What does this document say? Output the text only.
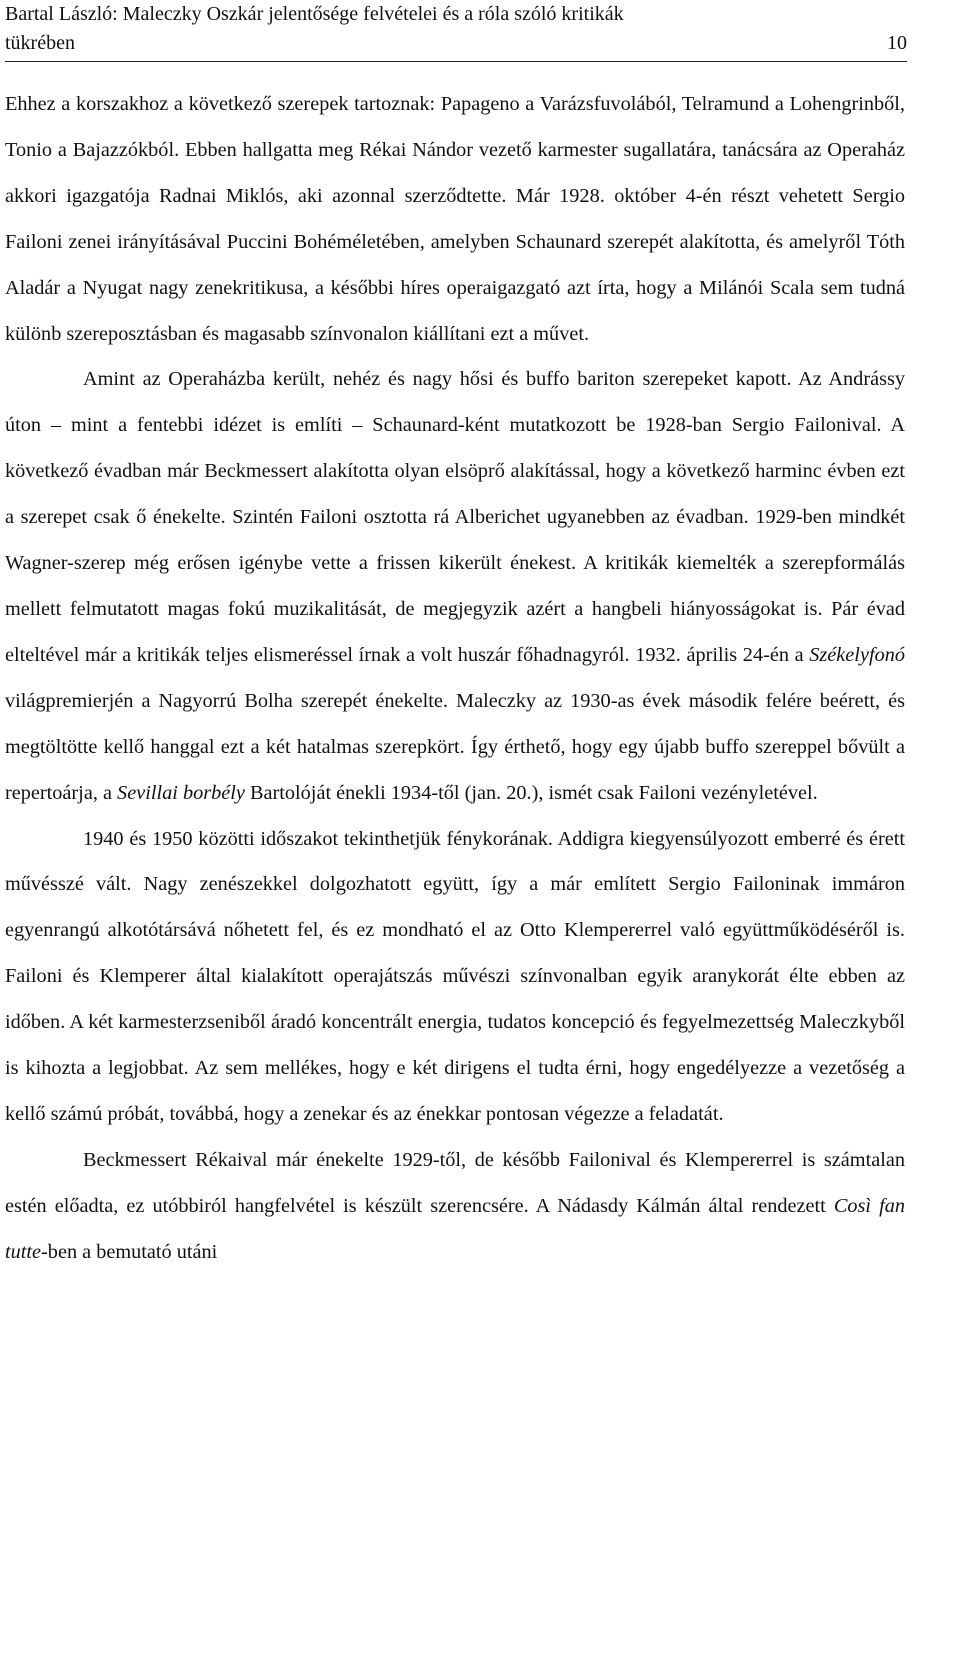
Bartal László: Maleczky Oszkár jelentősége felvételei és a róla szóló kritikák
tükrében	10

Ehhez a korszakhoz a következő szerepek tartoznak: Papageno a Varázsfuvolából, Telramund a Lohengrinből, Tonio a Bajazzókból. Ebben hallgatta meg Rékai Nándor vezető karmester sugallatára, tanácsára az Operaház akkori igazgatója Radnai Miklós, aki azonnal szerződtette. Már 1928. október 4-én részt vehetett Sergio Failoni zenei irányításával Puccini Bohéméletében, amelyben Schaunard szerepét alakította, és amelyről Tóth Aladár a Nyugat nagy zenekritikusa, a későbbi híres operaigazgató azt írta, hogy a Milánói Scala sem tudná különb szereposztásban és magasabb színvonalon kiállítani ezt a művet.

Amint az Operaházba került, nehéz és nagy hősi és buffo bariton szerepeket kapott. Az Andrássy úton – mint a fentebbi idézet is említi – Schaunard-ként mutatkozott be 1928-ban Sergio Failonival. A következő évadban már Beckmessert alakította olyan elsöprő alakítással, hogy a következő harminc évben ezt a szerepet csak ő énekelte. Szintén Failoni osztotta rá Alberichet ugyanebben az évadban. 1929-ben mindkét Wagner-szerep még erősen igénybe vette a frissen kikerült énekest. A kritikák kiemelték a szerepformálás mellett felmutatott magas fokú muzikalitását, de megjegyzik azért a hangbeli hiányosságokat is. Pár évad elteltével már a kritikák teljes elismeréssel írnak a volt huszár főhadnagyról. 1932. április 24-én a Székelyfonó világpremierjén a Nagyorrú Bolha szerepét énekelte. Maleczky az 1930-as évek második felére beérett, és megtöltötte kellő hanggal ezt a két hatalmas szerepkört. Így érthető, hogy egy újabb buffo szereppel bővült a repertoárja, a Sevillai borbély Bartolóját énekli 1934-től (jan. 20.), ismét csak Failoni vezényletével.

1940 és 1950 közötti időszakot tekinthetjük fénykorának. Addigra kiegyensúlyozott emberré és érett művésszé vált. Nagy zenészekkel dolgozhatott együtt, így a már említett Sergio Failoninak immáron egyenrangú alkotótársává nőhetett fel, és ez mondható el az Otto Klempererrel való együttműködéséről is. Failoni és Klemperer által kialakított operajátszás művészi színvonalban egyik aranykorát élte ebben az időben. A két karmesterzseniből áradó koncentrált energia, tudatos koncepció és fegyelmezettség Maleczkyből is kihozta a legjobbat. Az sem mellékes, hogy e két dirigens el tudta érni, hogy engedélyezze a vezetőség a kellő számú próbát, továbbá, hogy a zenekar és az énekkar pontosan végezze a feladatát.

Beckmessert Rékaival már énekelte 1929-től, de később Failonival és Klempererrel is számtalan estén előadta, ez utóbbiról hangfelvétel is készült szerencsére. A Nádasdy Kálmán által rendezett Così fan tutte-ben a bemutató utáni
